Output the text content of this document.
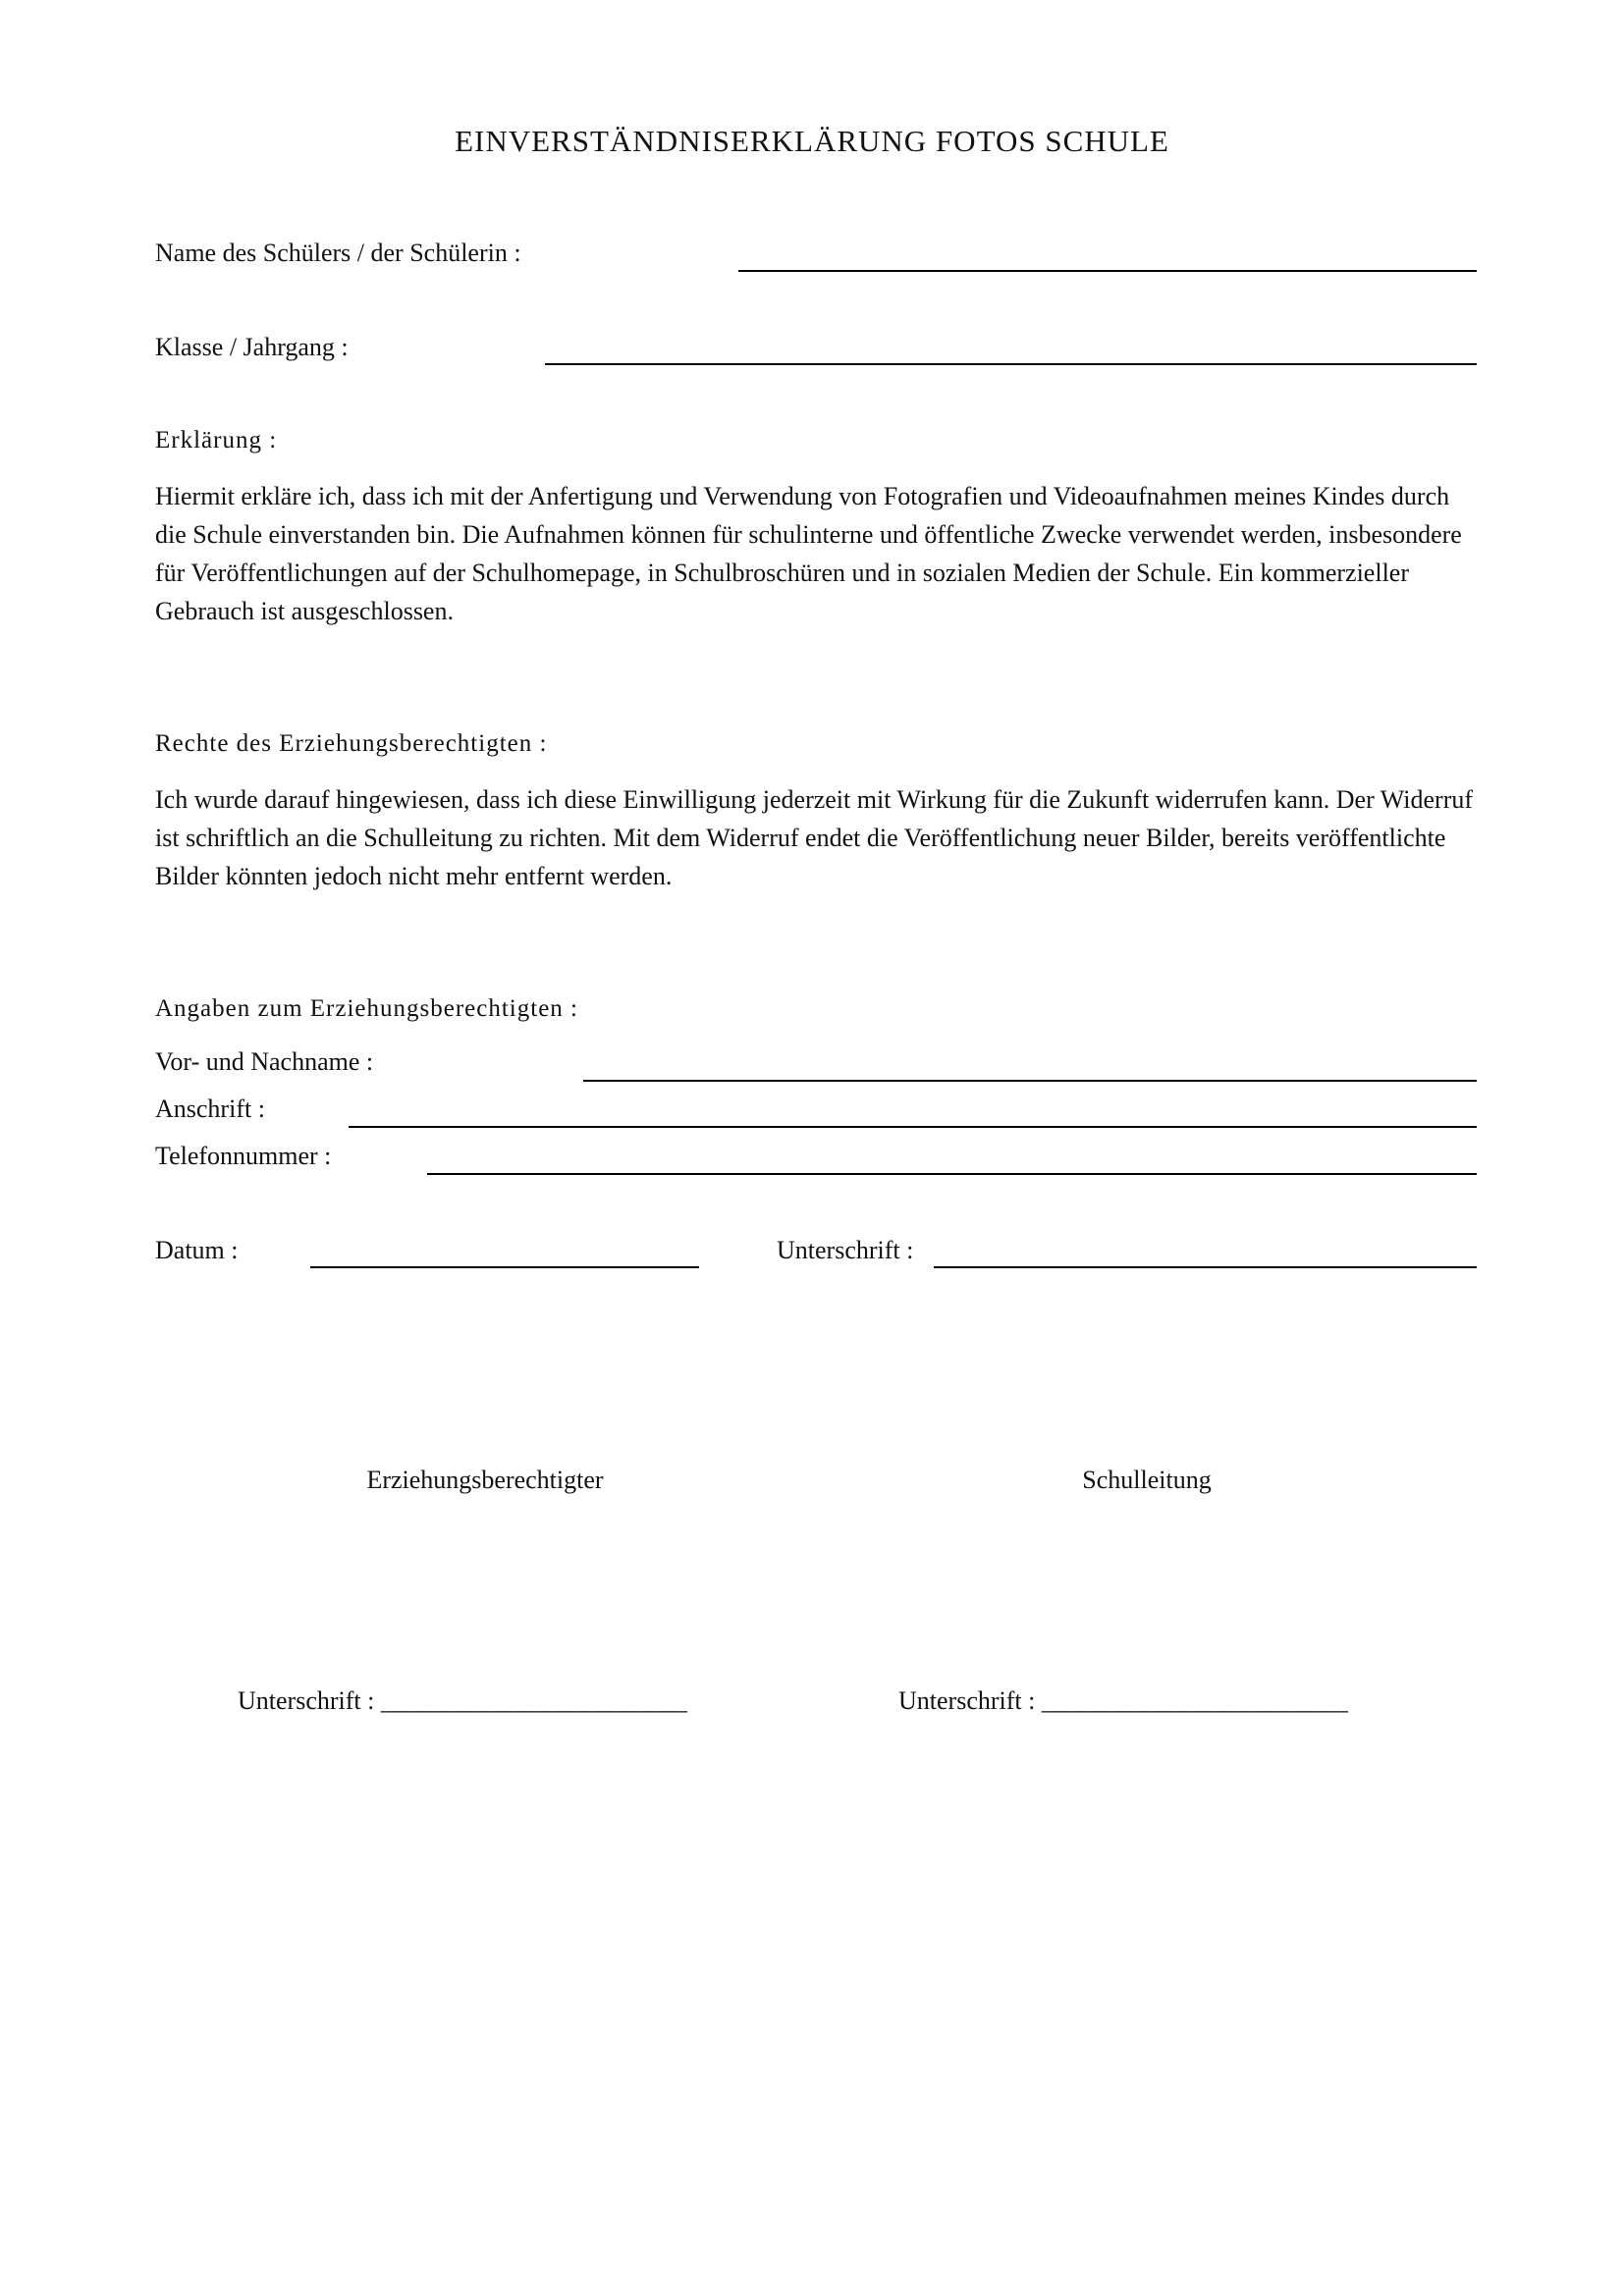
EINVERSTÄNDNISERKLÄRUNG FOTOS SCHULE
Name des Schülers / der Schülerin :
Klasse / Jahrgang :
Erklärung :
Hiermit erkläre ich, dass ich mit der Anfertigung und Verwendung von Fotografien und Videoaufnahmen meines Kindes durch die Schule einverstanden bin. Die Aufnahmen können für schulinterne und öffentliche Zwecke verwendet werden, insbesondere für Veröffentlichungen auf der Schulhomepage, in Schulbroschüren und in sozialen Medien der Schule. Ein kommerzieller Gebrauch ist ausgeschlossen.
Rechte des Erziehungsberechtigten :
Ich wurde darauf hingewiesen, dass ich diese Einwilligung jederzeit mit Wirkung für die Zukunft widerrufen kann. Der Widerruf ist schriftlich an die Schulleitung zu richten. Mit dem Widerruf endet die Veröffentlichung neuer Bilder, bereits veröffentlichte Bilder könnten jedoch nicht mehr entfernt werden.
Angaben zum Erziehungsberechtigten :
Vor- und Nachname :
Anschrift :
Telefonnummer :
Datum :	Unterschrift :
Erziehungsberechtigter	Schulleitung
Unterschrift : ________________________	Unterschrift : ________________________
